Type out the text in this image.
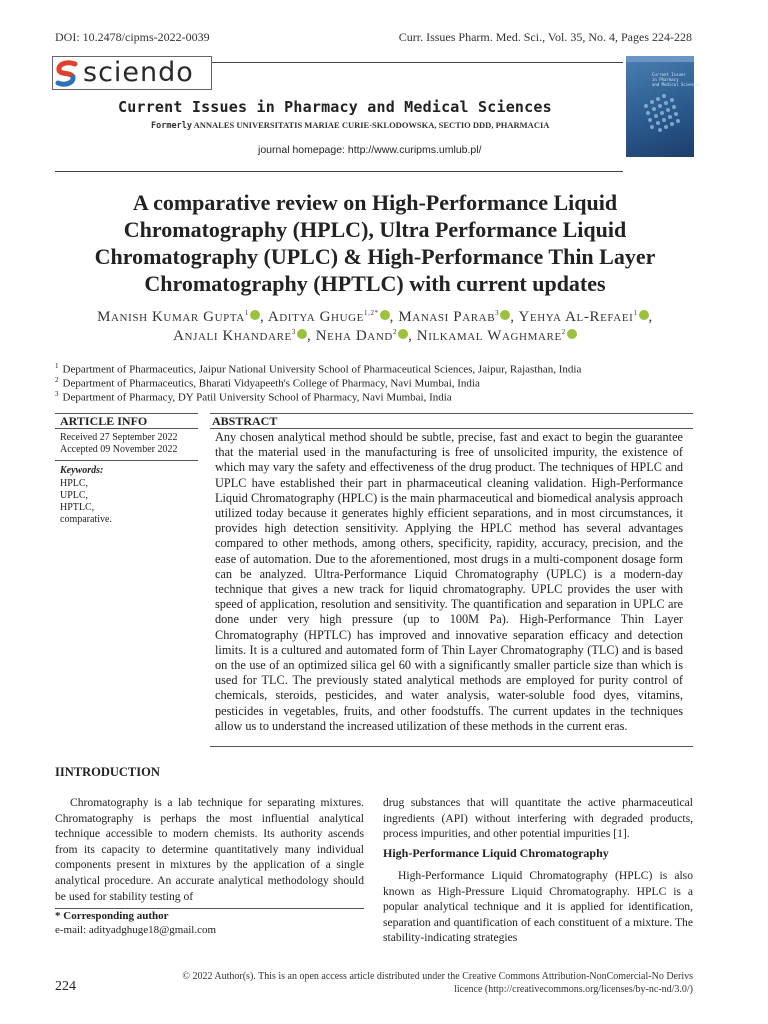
DOI: 10.2478/cipms-2022-0039	Curr. Issues Pharm. Med. Sci., Vol. 35, No. 4, Pages 224-228
sciendo	Current Issues
in Pharmacy
and Medical Sciences
Current Issues in Pharmacy and Medical Sciences
Formerly ANNALES UNIVERSITATIS MARIAE CURIE-SKLODOWSKA, SECTIO DDD, PHARMACIA
journal homepage: http://www.curipms.umlub.pl/
A comparative review on High-Performance Liquid Chromatography (HPLC), Ultra Performance Liquid Chromatography (UPLC) & High-Performance Thin Layer Chromatography (HPTLC) with current updates
Manish Kumar Gupta$^1$ , Aditya Ghuge$^{1,2*}$ , Manasi Parab$^3$ , Yehya Al-Refaei$^1$ ,
Anjali Khandare$^3$ , Neha Dand$^2$ , Nilkamal Waghmare$^2$
$^1$ Department of Pharmaceutics, Jaipur National University School of Pharmaceutical Sciences, Jaipur, Rajasthan, India
$^2$ Department of Pharmaceutics, Bharati Vidyapeeth's College of Pharmacy, Navi Mumbai, India
$^3$ Department of Pharmacy, DY Patil University School of Pharmacy, Navi Mumbai, India
ARTICLE INFO	ABSTRACT
Received 27 September 2022
Accepted 09 November 2022
Keywords:
HPLC,
UPLC,
HPTLC,
comparative.

Any chosen analytical method should be subtle, precise, fast and exact to begin the guarantee that the material used in the manufacturing is free of unsolicited impurity, the existence of which may vary the safety and effectiveness of the drug product. The techniques of HPLC and UPLC have established their part in pharmaceutical cleaning validation. High-Performance Liquid Chromatography (HPLC) is the main pharmaceutical and biomedical analysis approach utilized today because it generates highly efficient separations, and in most circumstances, it provides high detection sensitivity. Applying the HPLC method has several advantages compared to other methods, among others, specificity, rapidity, accuracy, precision, and the ease of automation. Due to the aforementioned, most drugs in a multi-component dosage form can be analyzed. Ultra-Performance Liquid Chromatography (UPLC) is a modern-day technique that gives a new track for liquid chromatography. UPLC provides the user with speed of application, resolution and sensitivity. The quantification and separation in UPLC are done under very high pressure (up to 100M Pa). High-Performance Thin Layer Chromatography (HPTLC) has improved and innovative separation efficacy and detection limits. It is a cultured and automated form of Thin Layer Chromatography (TLC) and is based on the use of an optimized silica gel 60 with a significantly smaller particle size than which is used for TLC. The previously stated analytical methods are employed for purity control of chemicals, steroids, pesticides, and water analysis, water-soluble food dyes, vitamins, pesticides in vegetables, fruits, and other foodstuffs. The current updates in the techniques allow us to understand the increased utilization of these methods in the current eras.

IINTRODUCTION

Chromatography is a lab technique for separating mixtures. Chromatography is perhaps the most influential analytical technique accessible to modern chemists. Its authority ascends from its capacity to determine quantitatively many individual components present in mixtures by the application of a single analytical procedure. An accurate analytical methodology should be used for stability testing of

drug substances that will quantitate the active pharmaceutical ingredients (API) without interfering with degraded products, process impurities, and other potential impurities [1].

High-Performance Liquid Chromatography

High-Performance Liquid Chromatography (HPLC) is also known as High-Pressure Liquid Chromatography. HPLC is a popular analytical technique and it is applied for identification, separation and quantification of each constituent of a mixture. The stability-indicating strategies

* Corresponding author
e-mail: adityadghuge18@gmail.com
224
© 2022 Author(s). This is an open access article distributed under the Creative Commons Attribution-NonComercial-No Derivs
licence (http://creativecommons.org/licenses/by-nc-nd/3.0/)
